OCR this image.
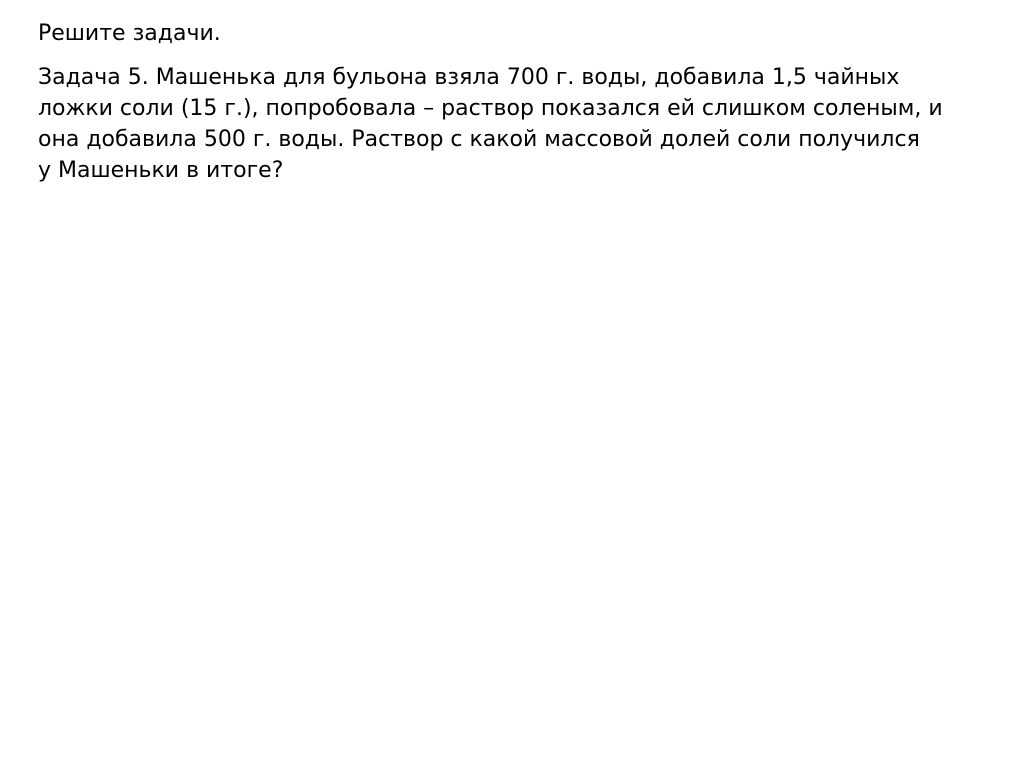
Решите задачи.
Задача 5. Машенька для бульона взяла 700 г. воды, добавила 1,5 чайных
ложки соли (15 г.), попробовала – раствор показался ей слишком соленым, и
она добавила 500 г. воды. Раствор с какой массовой долей соли получился
у Машеньки в итоге?
